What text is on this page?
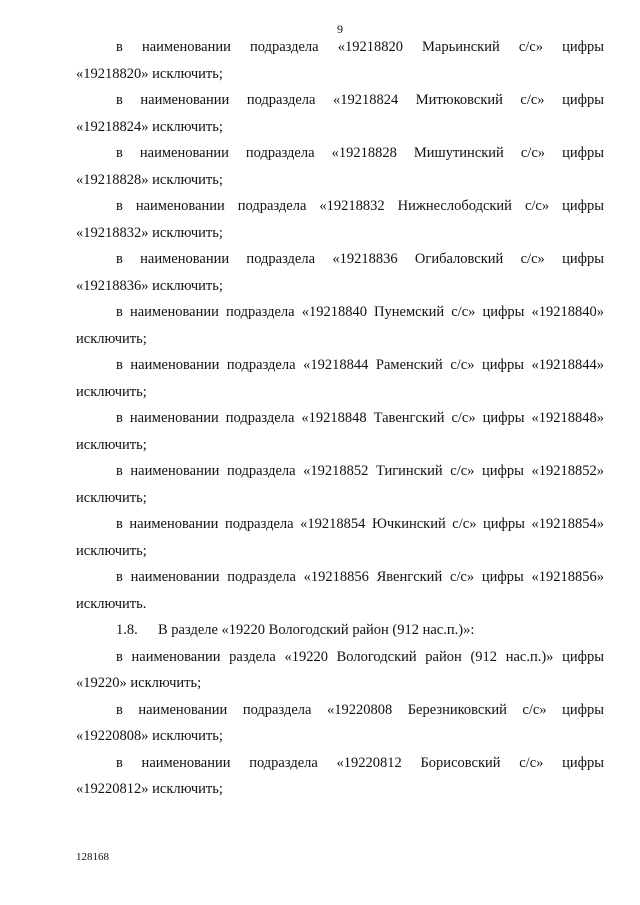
9

в наименовании подраздела «19218820 Марьинский с/с» цифры

«19218820» исключить;

в наименовании подраздела «19218824 Митюковский с/с» цифры

«19218824» исключить;

в наименовании подраздела «19218828 Мишутинский с/с» цифры

«19218828» исключить;

в наименовании подраздела «19218832 Нижнеслободский с/с» цифры

«19218832» исключить;

в наименовании подраздела «19218836 Огибаловский с/с» цифры

«19218836» исключить;

в наименовании подраздела «19218840 Пунемский с/с» цифры «19218840»

исключить;

в наименовании подраздела «19218844 Раменский с/с» цифры «19218844»

исключить;

в наименовании подраздела «19218848 Тавенгский с/с» цифры «19218848»

исключить;

в наименовании подраздела «19218852 Тигинский с/с» цифры «19218852»

исключить;

в наименовании подраздела «19218854 Ючкинский с/с» цифры «19218854»

исключить;

в наименовании подраздела «19218856 Явенгский с/с» цифры «19218856»

исключить.

1.8. В разделе «19220 Вологодский район (912 нас.п.)»:

в наименовании раздела «19220 Вологодский район (912 нас.п.)» цифры

«19220» исключить;

в наименовании подраздела «19220808 Березниковский с/с» цифры

«19220808» исключить;

в наименовании подраздела «19220812 Борисовский с/с» цифры

«19220812» исключить;

128168
